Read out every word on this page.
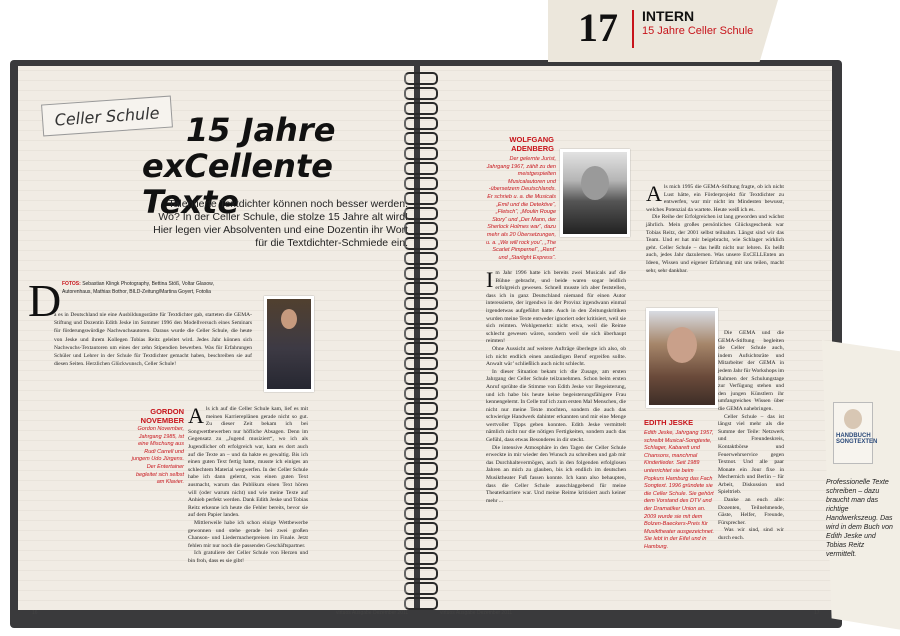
17 INTERN
15 Jahre Celler Schule
Celler Schule 15 Jahre
exCellente Texte
Talentierte Textdichter können noch besser werden. Wo? In der Celler Schule, die stolze 15 Jahre alt wird! Hier legen vier Absolventen und eine Dozentin ihr Wort für die Textdichter-Schmiede ein.
D FOTOS: Sebastian Klingk Photography, Bettina Stöß, Voltar Glasow, Autorenhaus, Mathias Bothor, BILD-Zeitung/Martina Goyert, Fotolia
a es in Deutschland nie eine Ausbildungsstätte für Textdichter gab, starteten die GEMA-Stiftung und Dozentin Edith Jeske im Sommer 1996 den Modellversuch eines Seminars für förderungswürdige Nachwuchsautoren. Daraus wurde die Celler Schule, die heute von Jeske und ihrem Kollegen Tobias Reitz geleitet wird. Jedes Jahr können sich Nachwuchs-Textautoren um eines der zehn Stipendien bewerben. Was für Erfahrungen Schüler und Lehrer in der Schule für Textdichter gemacht haben, beschreiben sie auf diesen Seiten. Herzlichen Glückwunsch, Celler Schule!
GORDON NOVEMBER
Gordon November, Jahrgang 1985, ist eine Mischung aus Rudi Carrell und jungem Udo Jürgens. Der Entertainer begleitet sich selbst am Klavier.
A ls ich auf die Celler Schule kam, lief es mit meinen Karriereplänen gerade nicht so gut. Zu dieser Zeit bekam ich bei Songwettbewerben nur höfliche Absagen. Denn im Gegensatz zu „Jugend musiziert“, wo ich als Jugendlicher oft erfolgreich war, kam es dort auch auf die Texte an – und da hakte es gewaltig. Bis ich einen guten Text fertig hatte, musste ich einiges an schlechtem Material wegwerfen. In der Celler Schule habe ich dann gelernt, was einen guten Text ausmacht, warum das Publikum einen Text hören will (oder warum nicht) und wie meine Texte auf Anhieb perfekt werden. Dank Edith Jeske und Tobias Reitz erkenne ich heute die Fehler bereits, bevor sie auf dem Papier landen.

Mittlerweile habe ich schon einige Wettbewerbe gewonnen und stehe gerade bei zwei großen Chanson- und Liedermacherpreisen im Finale. Jetzt fehlen mir nur noch die passenden Geschäftspartner.

Ich gratuliere der Celler Schule von Herzen und bin froh, dass es sie gibt!

16	virtuos Ausgabe Dezember 2011
WOLFGANG ADENBERG
Der gelernte Jurist, Jahrgang 1967, zählt zu den meistgespielten Musicalautoren und -übersetzern Deutschlands. Er schrieb u. a. die Musicals „Emil und die Detektive“, „Fletsch“, „Moulin Rouge Story“ und „Der Mann, der Sherlock Holmes war“, dazu mehr als 20 Übersetzungen, u. a. „We will rock you“, „The Scarlet Pimpernel“, „Rent“ und „Starlight Express“.
I m Jahr 1996 hatte ich bereits zwei Musicals auf die Bühne gebracht, und beide waren sogar leidlich erfolgreich gewesen. Schnell musste ich aber feststellen, dass ich in ganz Deutschland niemand für einen Autor interessierte, der irgendwo in der Provinz irgendwann einmal irgendetwas aufgeführt hatte. Auch in den Zeitungskritiken wurden meine Texte entweder ignoriert oder kritisiert, weil sie sich reimten. Wohlgemerkt: nicht etwa, weil die Reime schlecht gewesen wären, sondern weil sie sich überhaupt reimten!

Ohne Aussicht auf weitere Aufträge überlegte ich also, ob ich nicht endlich einen anständigen Beruf ergreifen sollte. Anwalt wär’ schließlich auch nicht schlecht.

In dieser Situation bekam ich die Zusage, am ersten Jahrgang der Celler Schule teilzunehmen. Schon beim ersten Anruf sprühte die Stimme von Edith Jeske vor Begeisterung, und ich habe bis heute keine begeisterungsfähigere Frau kennengelernt. In Celle traf ich zum ersten Mal Menschen, die nicht nur meine Texte mochten, sondern die auch das schwierige Handwerk dahinter erkannten und mir eine Menge wertvoller Tipps geben konnten. Edith Jeske vermittelt nämlich nicht nur die nötigen Fertigkeiten, sondern auch das Gefühl, dass etwas Besonderes in dir steckt.

Die intensive Atmosphäre in den Tagen der Celler Schule erweckte in mir wieder den Wunsch zu schreiben und gab mir das Durchhaltevermögen, auch in den folgenden erfolglosen Jahren an mich zu glauben, bis ich endlich im deutschen Musiktheater Fuß fassen konnte. Ich kann also behaupten, dass die Celler Schule ausschlaggebend für meine Theaterkarriere war. Und meine Reime kritisiert auch keiner mehr ...

A ls mich 1995 die GEMA-Stiftung fragte, ob ich nicht Lust hätte, ein Förderprojekt für Textdichter zu entwerfen, war mir nicht im Mindesten bewusst, welches Potenzial da wartete. Heute weiß ich es.

Die Reihe der Erfolgreichen ist lang geworden und wächst jährlich. Mein großes persönliches Glücksgeschenk war Tobias Reitz, der 2001 selbst teilnahm. Längst sind wir das Team. Und er hat mir beigebracht, wie Schlager wirklich geht. Celler Schule – das heißt nicht nur lehren. Es heißt auch, jedes Jahr dazulernen. Was unsere ExCELLEnten an Ideen, Wissen und eigener Erfahrung mit uns teilen, macht sehr, sehr dankbar.

Die GEMA und die GEMA-Stiftung begleiten die Celler Schule auch, indem Aufsichtsräte und Mitarbeiter der GEMA in jedem Jahr für Workshops im Rahmen der Schulungstage zur Verfügung stehen und den jungen Künstlern ihr umfangreiches Wissen über die GEMA nahebringen.

Celler Schule – das ist längst viel mehr als die Summe der Teile: Netzwerk und Freundeskreis, Kontaktbörse und Feuerwehrservice gegen Textnot. Und alle paar Monate ein Jour fixe in Mechernich und Berlin – für Arbeit, Diskussion und Spieltrieb.

Danke an euch alle: Dozenten, Teilnehmende, Gäste, Helfer, Freunde, Fürsprecher.

Was wir sind, sind wir durch euch.

EDITH JESKE
Edith Jeske, Jahrgang 1957, schreibt Musical-Songtexte, Schlager, Kabarett und Chansons, manchmal Kinderlieder. Seit 1989 unterrichtet sie beim Popkurs Hamburg das Fach Songtext. 1996 gründete sie die Celler Schule. Sie gehört dem Vorstand des DTV und der Dramatiker Union an. 2009 wurde sie mit dem Bolzen-Baeckers-Preis für Musiktheater ausgezeichnet. Sie lebt in der Eifel und in Hamburg.
virtuos Ausgabe Dezember 2011	17
HANDBUCH SONGTEXTEN
Professionelle Texte schreiben – dazu braucht man das richtige Handwerkszeug. Das wird in dem Buch von Edith Jeske und Tobias Reitz vermittelt.
